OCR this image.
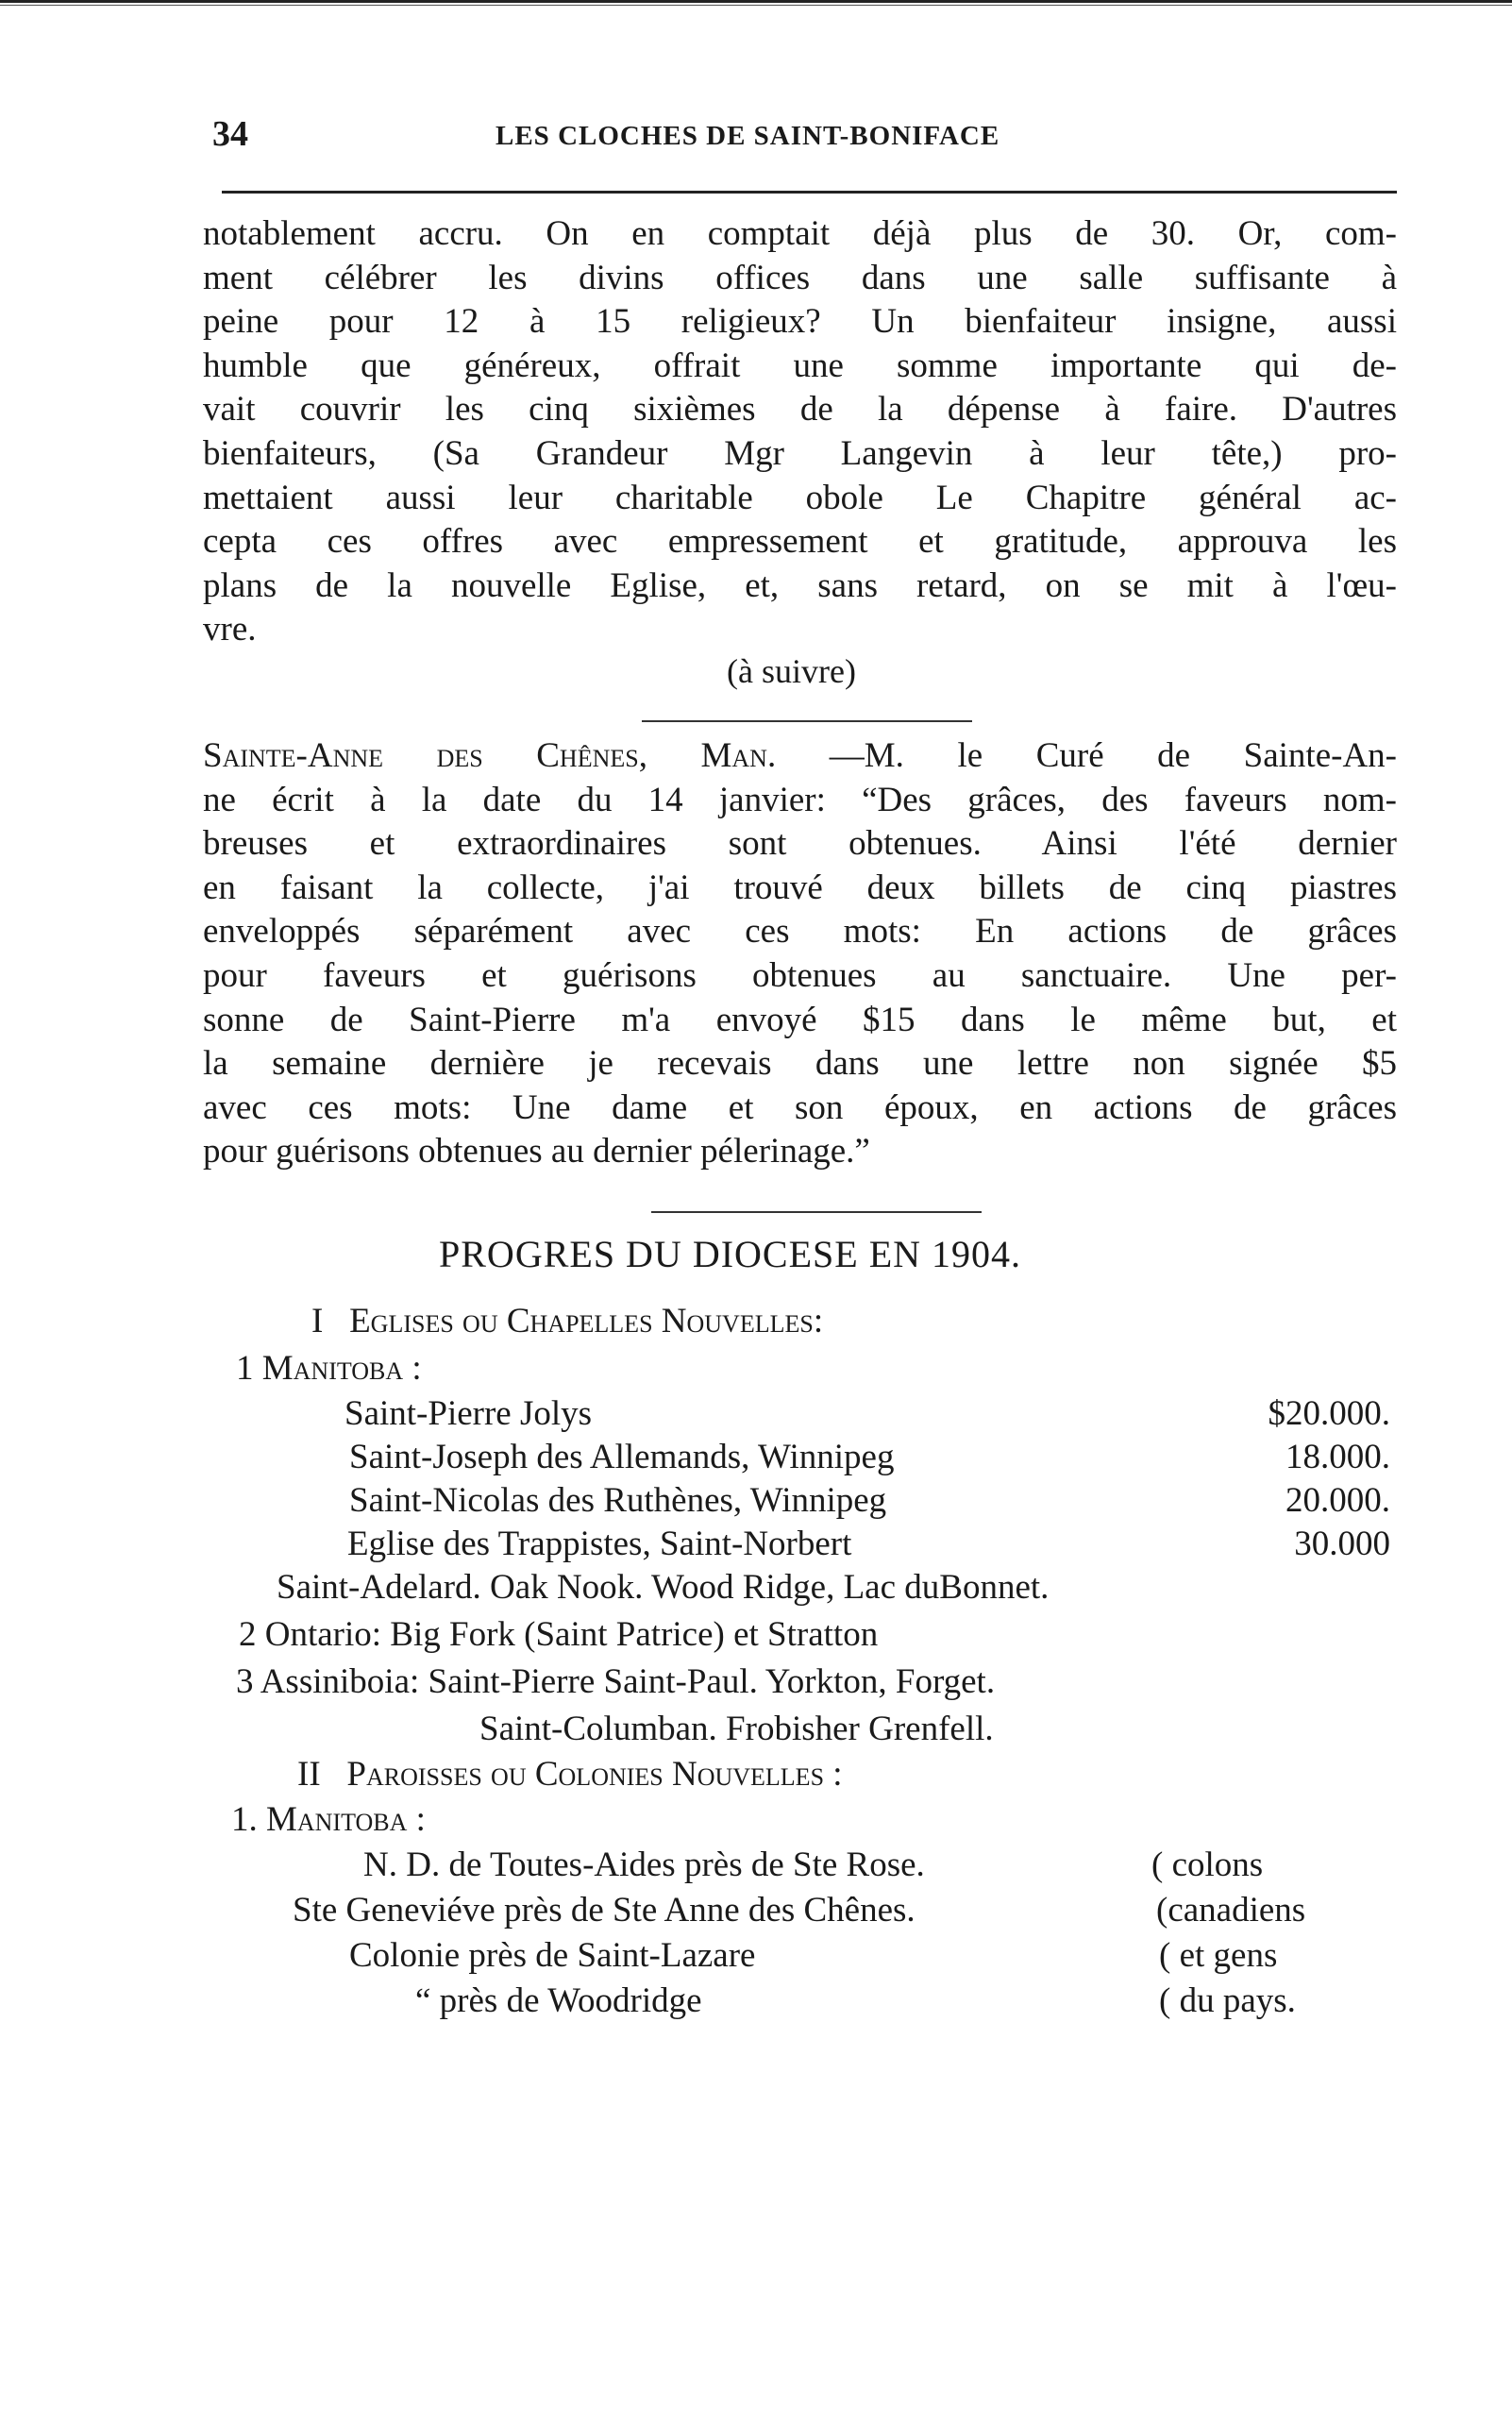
34	LES CLOCHES DE SAINT-BONIFACE
notablement accru. On en comptait déjà plus de 30. Or, com-
ment célébrer les divins offices dans une salle suffisante à
peine pour 12 à 15 religieux? Un bienfaiteur insigne, aussi
humble que généreux, offrait une somme importante qui de-
vait couvrir les cinq sixièmes de la dépense à faire. D'autres
bienfaiteurs, (Sa Grandeur Mgr Langevin à leur tête,) pro-
mettaient aussi leur charitable obole Le Chapitre général ac-
cepta ces offres avec empressement et gratitude, approuva les
plans de la nouvelle Eglise, et, sans retard, on se mit à l'œu-
vre.
(à suivre)
Sainte-Anne des Chênes, Man. —M. le Curé de Sainte-An-
ne écrit à la date du 14 janvier: “Des grâces, des faveurs nom-
breuses et extraordinaires sont obtenues. Ainsi l'été dernier
en faisant la collecte, j'ai trouvé deux billets de cinq piastres
enveloppés séparément avec ces mots: En actions de grâces
pour faveurs et guérisons obtenues au sanctuaire. Une per-
sonne de Saint-Pierre m'a envoyé $15 dans le même but, et
la semaine dernière je recevais dans une lettre non signée $5
avec ces mots: Une dame et son époux, en actions de grâces
pour guérisons obtenues au dernier pélerinage.”
PROGRES DU DIOCESE EN 1904.
I Eglises ou Chapelles Nouvelles:
1 Manitoba :
Saint-Pierre Jolys	$20.000.
Saint-Joseph des Allemands, Winnipeg	18.000.
Saint-Nicolas des Ruthènes, Winnipeg	20.000.
Eglise des Trappistes, Saint-Norbert	30.000
Saint-Adelard. Oak Nook. Wood Ridge, Lac duBonnet.
2 Ontario: Big Fork (Saint Patrice) et Stratton
3 Assiniboia: Saint-Pierre Saint-Paul. Yorkton, Forget.
Saint-Columban. Frobisher Grenfell.
II Paroisses ou Colonies Nouvelles :
1. Manitoba :
N. D. de Toutes-Aides près de Ste Rose.	( colons
Ste Geneviéve près de Ste Anne des Chênes.	(canadiens
Colonie près de Saint-Lazare	( et gens
“ près de Woodridge	( du pays.
